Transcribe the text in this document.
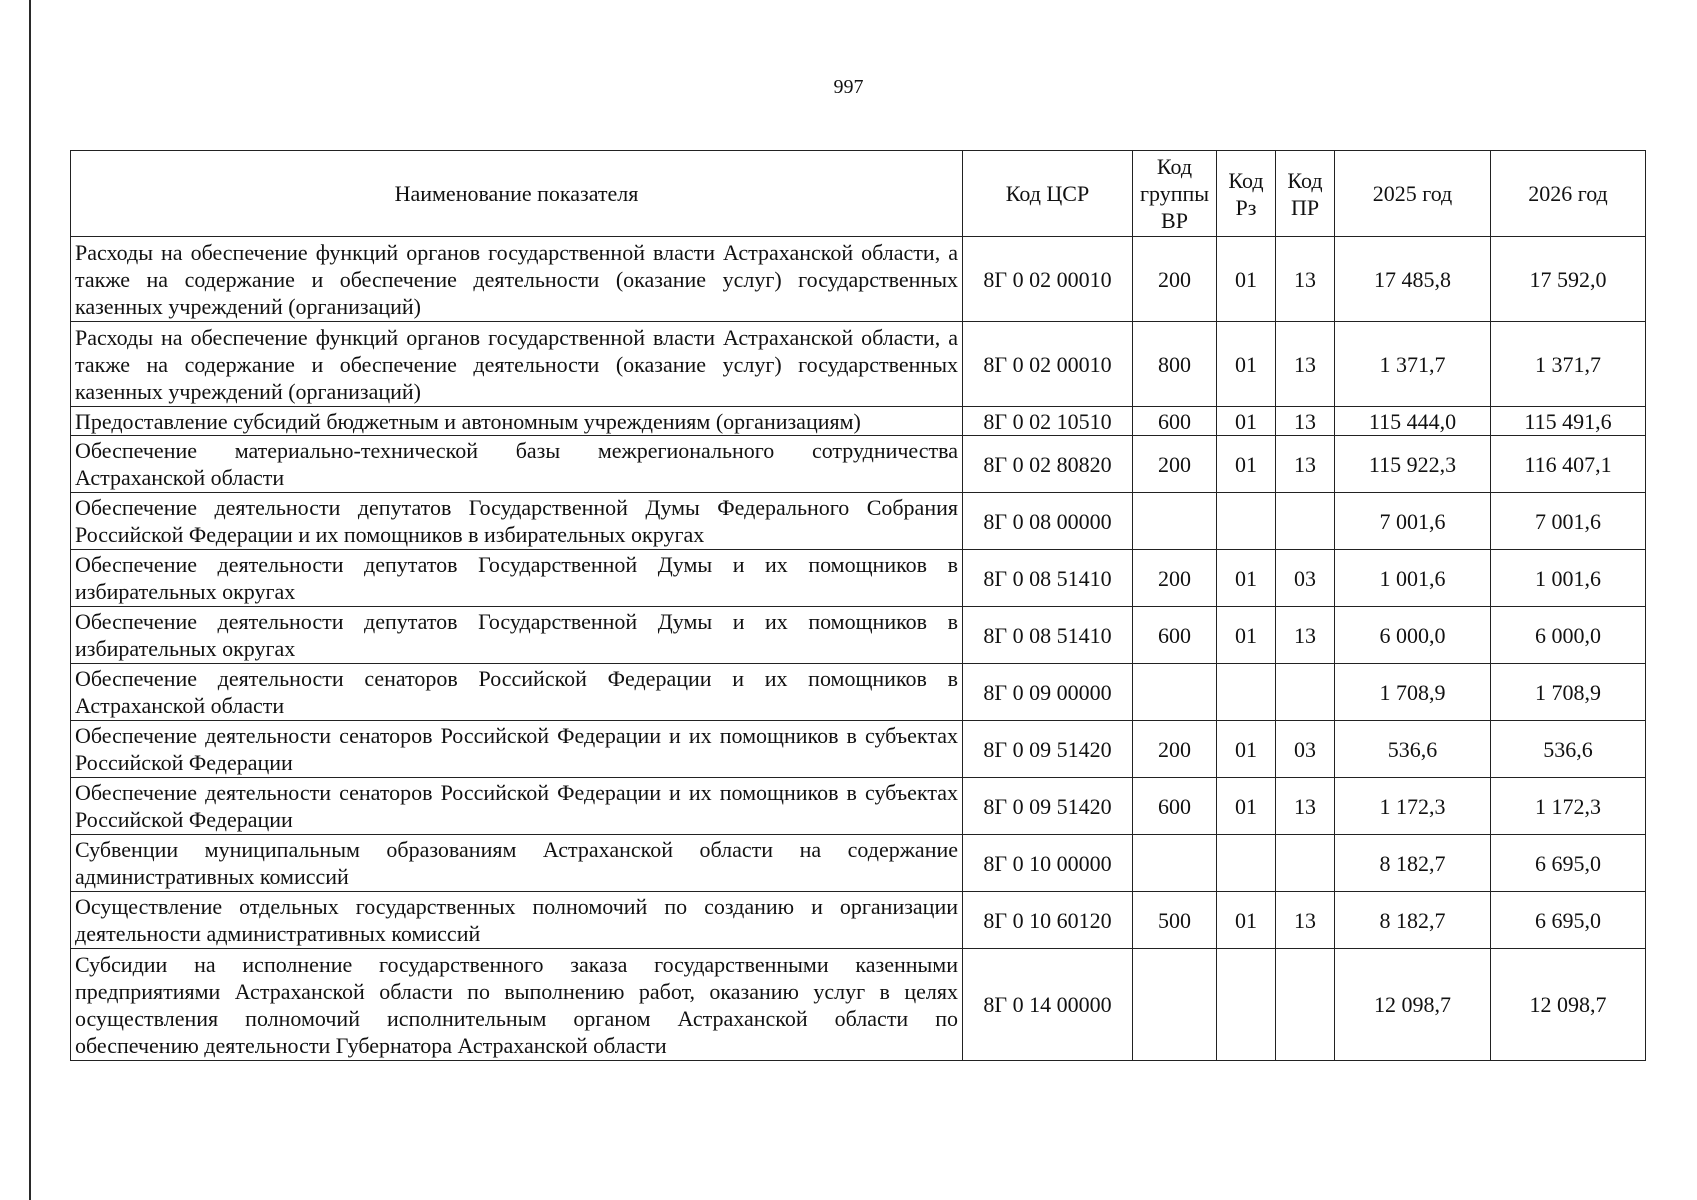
997
Наименование показателя	Код ЦСР	Код группы ВР	Код Рз	Код ПР	2025 год	2026 год
Расходы на обеспечение функций органов государственной власти Астраханской области, а также на содержание и обеспечение деятельности (оказание услуг) государственных казенных учреждений (организаций)	8Г 0 02 00010	200	01	13	17 485,8	17 592,0
Расходы на обеспечение функций органов государственной власти Астраханской области, а также на содержание и обеспечение деятельности (оказание услуг) государственных казенных учреждений (организаций)	8Г 0 02 00010	800	01	13	1 371,7	1 371,7
Предоставление субсидий бюджетным и автономным учреждениям (организациям)	8Г 0 02 10510	600	01	13	115 444,0	115 491,6
Обеспечение материально-технической базы межрегионального сотрудничества Астраханской области	8Г 0 02 80820	200	01	13	115 922,3	116 407,1
Обеспечение деятельности депутатов Государственной Думы Федерального Собрания Российской Федерации и их помощников в избирательных округах	8Г 0 08 00000				7 001,6	7 001,6
Обеспечение деятельности депутатов Государственной Думы и их помощников в избирательных округах	8Г 0 08 51410	200	01	03	1 001,6	1 001,6
Обеспечение деятельности депутатов Государственной Думы и их помощников в избирательных округах	8Г 0 08 51410	600	01	13	6 000,0	6 000,0
Обеспечение деятельности сенаторов Российской Федерации и их помощников в Астраханской области	8Г 0 09 00000				1 708,9	1 708,9
Обеспечение деятельности сенаторов Российской Федерации и их помощников в субъектах Российской Федерации	8Г 0 09 51420	200	01	03	536,6	536,6
Обеспечение деятельности сенаторов Российской Федерации и их помощников в субъектах Российской Федерации	8Г 0 09 51420	600	01	13	1 172,3	1 172,3
Субвенции муниципальным образованиям Астраханской области на содержание административных комиссий	8Г 0 10 00000				8 182,7	6 695,0
Осуществление отдельных государственных полномочий по созданию и организации деятельности административных комиссий	8Г 0 10 60120	500	01	13	8 182,7	6 695,0
Субсидии на исполнение государственного заказа государственными казенными предприятиями Астраханской области по выполнению работ, оказанию услуг в целях осуществления полномочий исполнительным органом Астраханской области по обеспечению деятельности Губернатора Астраханской области	8Г 0 14 00000				12 098,7	12 098,7
